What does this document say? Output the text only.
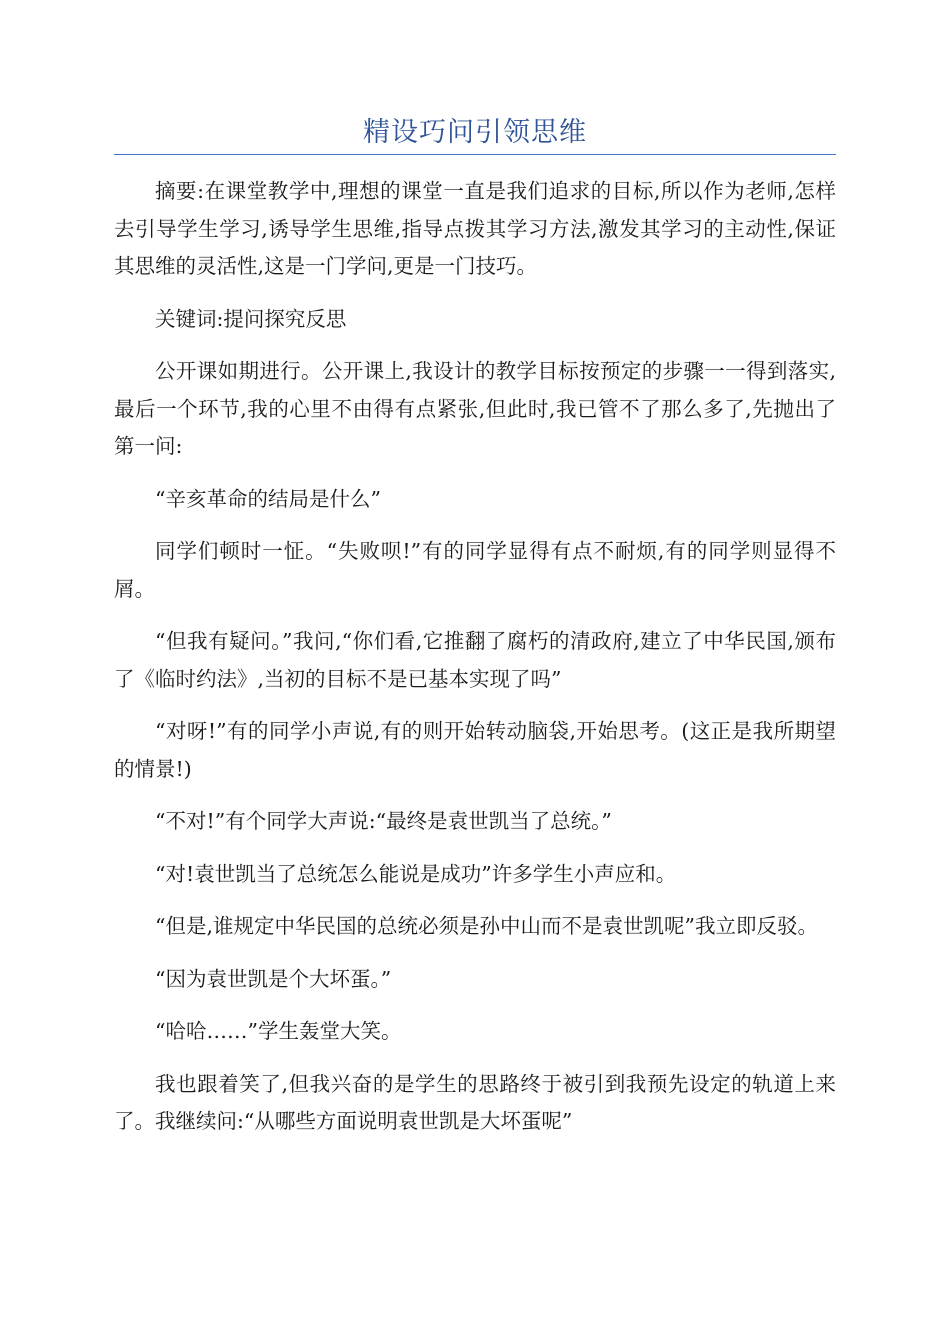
精设巧问引领思维

摘要:在课堂教学中,理想的课堂一直是我们追求的目标,所以作为老师,怎样去引导学生学习,诱导学生思维,指导点拨其学习方法,激发其学习的主动性,保证其思维的灵活性,这是一门学问,更是一门技巧。

关键词:提问探究反思

公开课如期进行。公开课上,我设计的教学目标按预定的步骤一一得到落实,最后一个环节,我的心里不由得有点紧张,但此时,我已管不了那么多了,先抛出了第一问:

“辛亥革命的结局是什么”

同学们顿时一怔。“失败呗!”有的同学显得有点不耐烦,有的同学则显得不屑。

“但我有疑问。”我问,“你们看,它推翻了腐朽的清政府,建立了中华民国,颁布了《临时约法》,当初的目标不是已基本实现了吗”

“对呀!”有的同学小声说,有的则开始转动脑袋,开始思考。(这正是我所期望的情景!)

“不对!”有个同学大声说:“最终是袁世凯当了总统。”

“对!袁世凯当了总统怎么能说是成功”许多学生小声应和。

“但是,谁规定中华民国的总统必须是孙中山而不是袁世凯呢”我立即反驳。

“因为袁世凯是个大坏蛋。”

“哈哈……”学生轰堂大笑。

我也跟着笑了,但我兴奋的是学生的思路终于被引到我预先设定的轨道上来了。我继续问:“从哪些方面说明袁世凯是大坏蛋呢”
